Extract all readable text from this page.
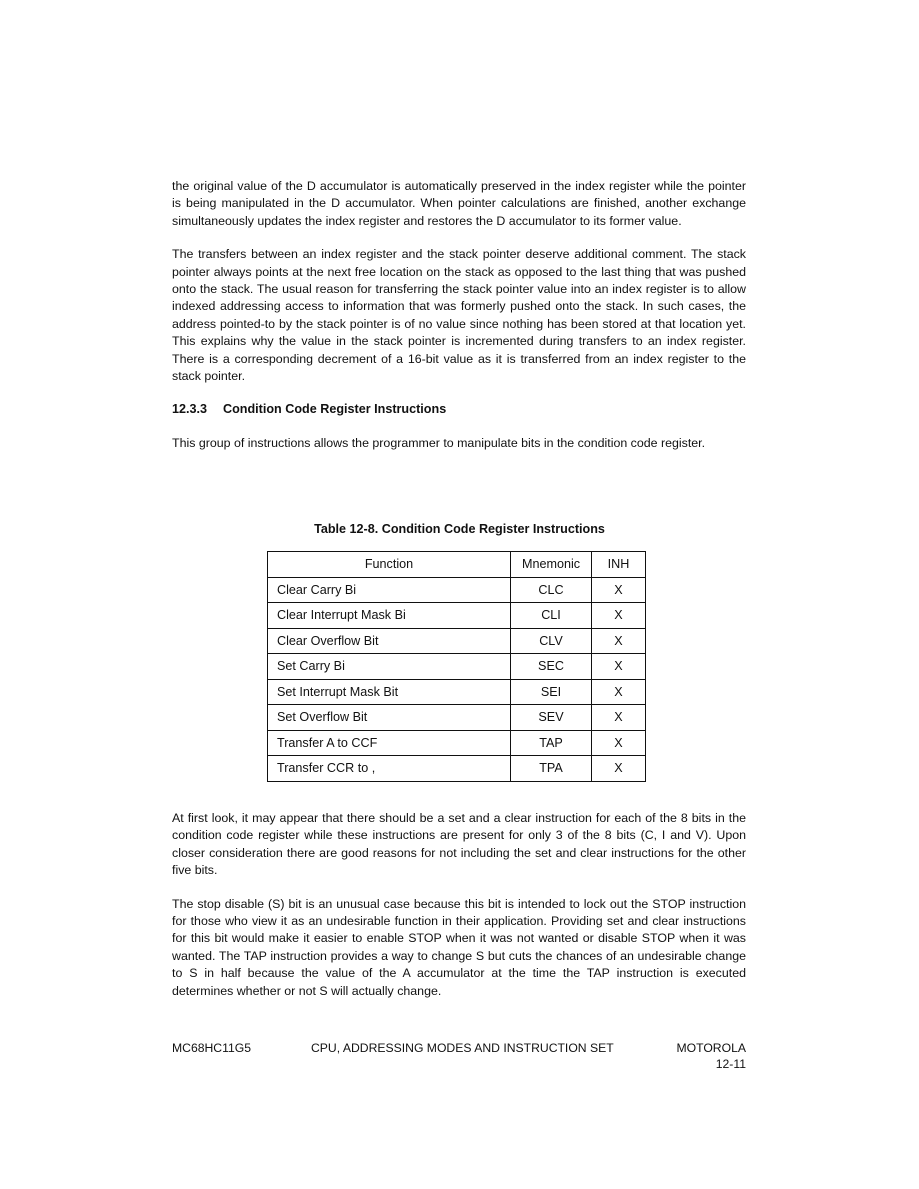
the original value of the D accumulator is automatically preserved in the index register while the pointer is being manipulated in the D accumulator. When pointer calculations are finished, another exchange simultaneously updates the index register and restores the D accumulator to its former value.

The transfers between an index register and the stack pointer deserve additional comment. The stack pointer always points at the next free location on the stack as opposed to the last thing that was pushed onto the stack. The usual reason for transferring the stack pointer value into an index register is to allow indexed addressing access to information that was formerly pushed onto the stack. In such cases, the address pointed-to by the stack pointer is of no value since nothing has been stored at that location yet. This explains why the value in the stack pointer is incremented during transfers to an index register. There is a corresponding decrement of a 16-bit value as it is transferred from an index register to the stack pointer.

12.3.3 Condition Code Register Instructions

This group of instructions allows the programmer to manipulate bits in the condition code register.

Table 12-8. Condition Code Register Instructions
Function	Mnemonic	INH
Clear Carry Bi	CLC	X
Clear Interrupt Mask Bi	CLI	X
Clear Overflow Bit	CLV	X
Set Carry Bi	SEC	X
Set Interrupt Mask Bit	SEI	X
Set Overflow Bit	SEV	X
Transfer A to CCF	TAP	X
Transfer CCR to ,	TPA	X

At first look, it may appear that there should be a set and a clear instruction for each of the 8 bits in the condition code register while these instructions are present for only 3 of the 8 bits (C, I and V). Upon closer consideration there are good reasons for not including the set and clear instructions for the other five bits.

The stop disable (S) bit is an unusual case because this bit is intended to lock out the STOP instruction for those who view it as an undesirable function in their application. Providing set and clear instructions for this bit would make it easier to enable STOP when it was not wanted or disable STOP when it was wanted. The TAP instruction provides a way to change S but cuts the chances of an undesirable change to S in half because the value of the A accumulator at the time the TAP instruction is executed determines whether or not S will actually change.

MC68HC11G5	CPU, ADDRESSING MODES AND INSTRUCTION SET	MOTOROLA
12-11
